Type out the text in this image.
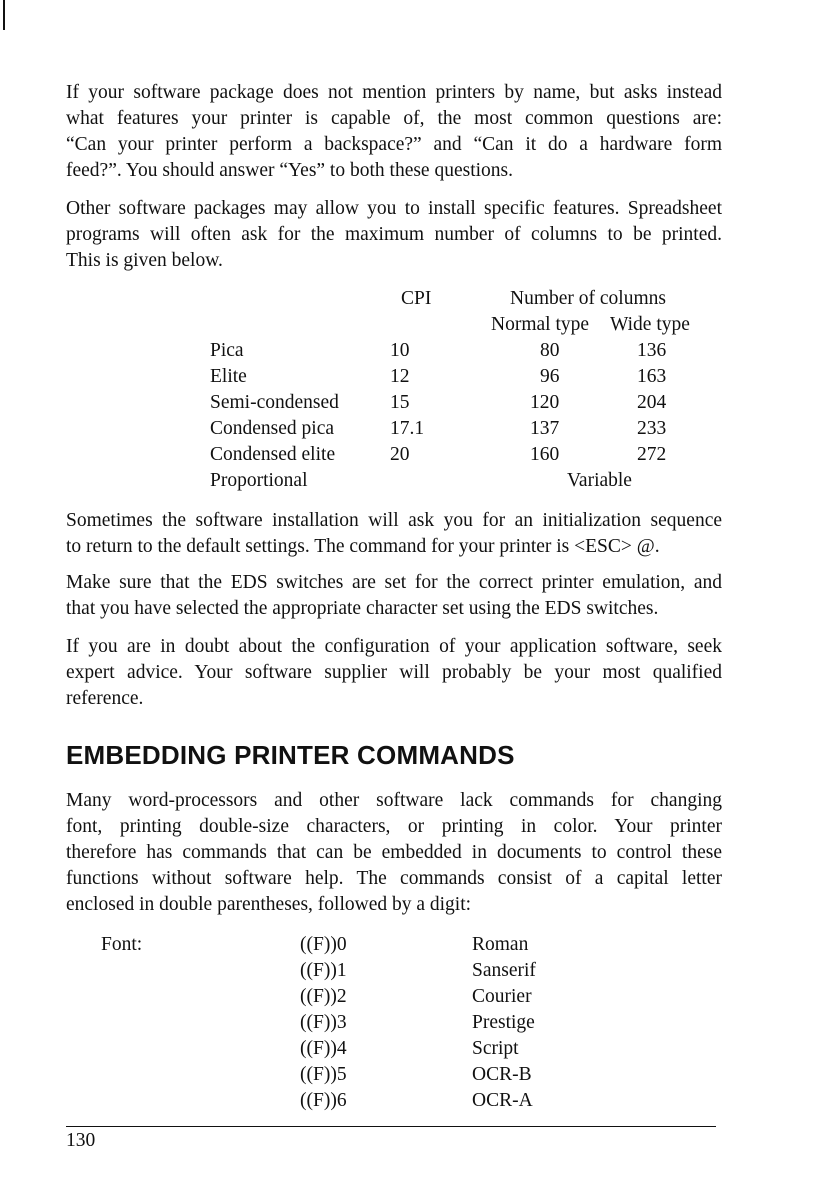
If your software package does not mention printers by name, but asks instead
what features your printer is capable of, the most common questions are:
“Can your printer perform a backspace?” and “Can it do a hardware form
feed?”. You should answer “Yes” to both these questions.

Other software packages may allow you to install specific features. Spreadsheet
programs will often ask for the maximum number of columns to be printed.
This is given below.

CPI	Number of columns
Normal type Wide type
Pica	10	80	136
Elite	12	96	163
Semi-condensed	15	120	204
Condensed pica	17.1	137	233
Condensed elite	20	160	272
Proportional	Variable

Sometimes the software installation will ask you for an initialization sequence
to return to the default settings. The command for your printer is <ESC> @.

Make sure that the EDS switches are set for the correct printer emulation, and
that you have selected the appropriate character set using the EDS switches.

If you are in doubt about the configuration of your application software, seek
expert advice. Your software supplier will probably be your most qualified
reference.

EMBEDDING PRINTER COMMANDS

Many word-processors and other software lack commands for changing
font, printing double-size characters, or printing in color. Your printer
therefore has commands that can be embedded in documents to control these
functions without software help. The commands consist of a capital letter
enclosed in double parentheses, followed by a digit:

Font:	((F))0	Roman
((F))1	Sanserif
((F))2	Courier
((F))3	Prestige
((F))4	Script
((F))5	OCR-B
((F))6	OCR-A
130
